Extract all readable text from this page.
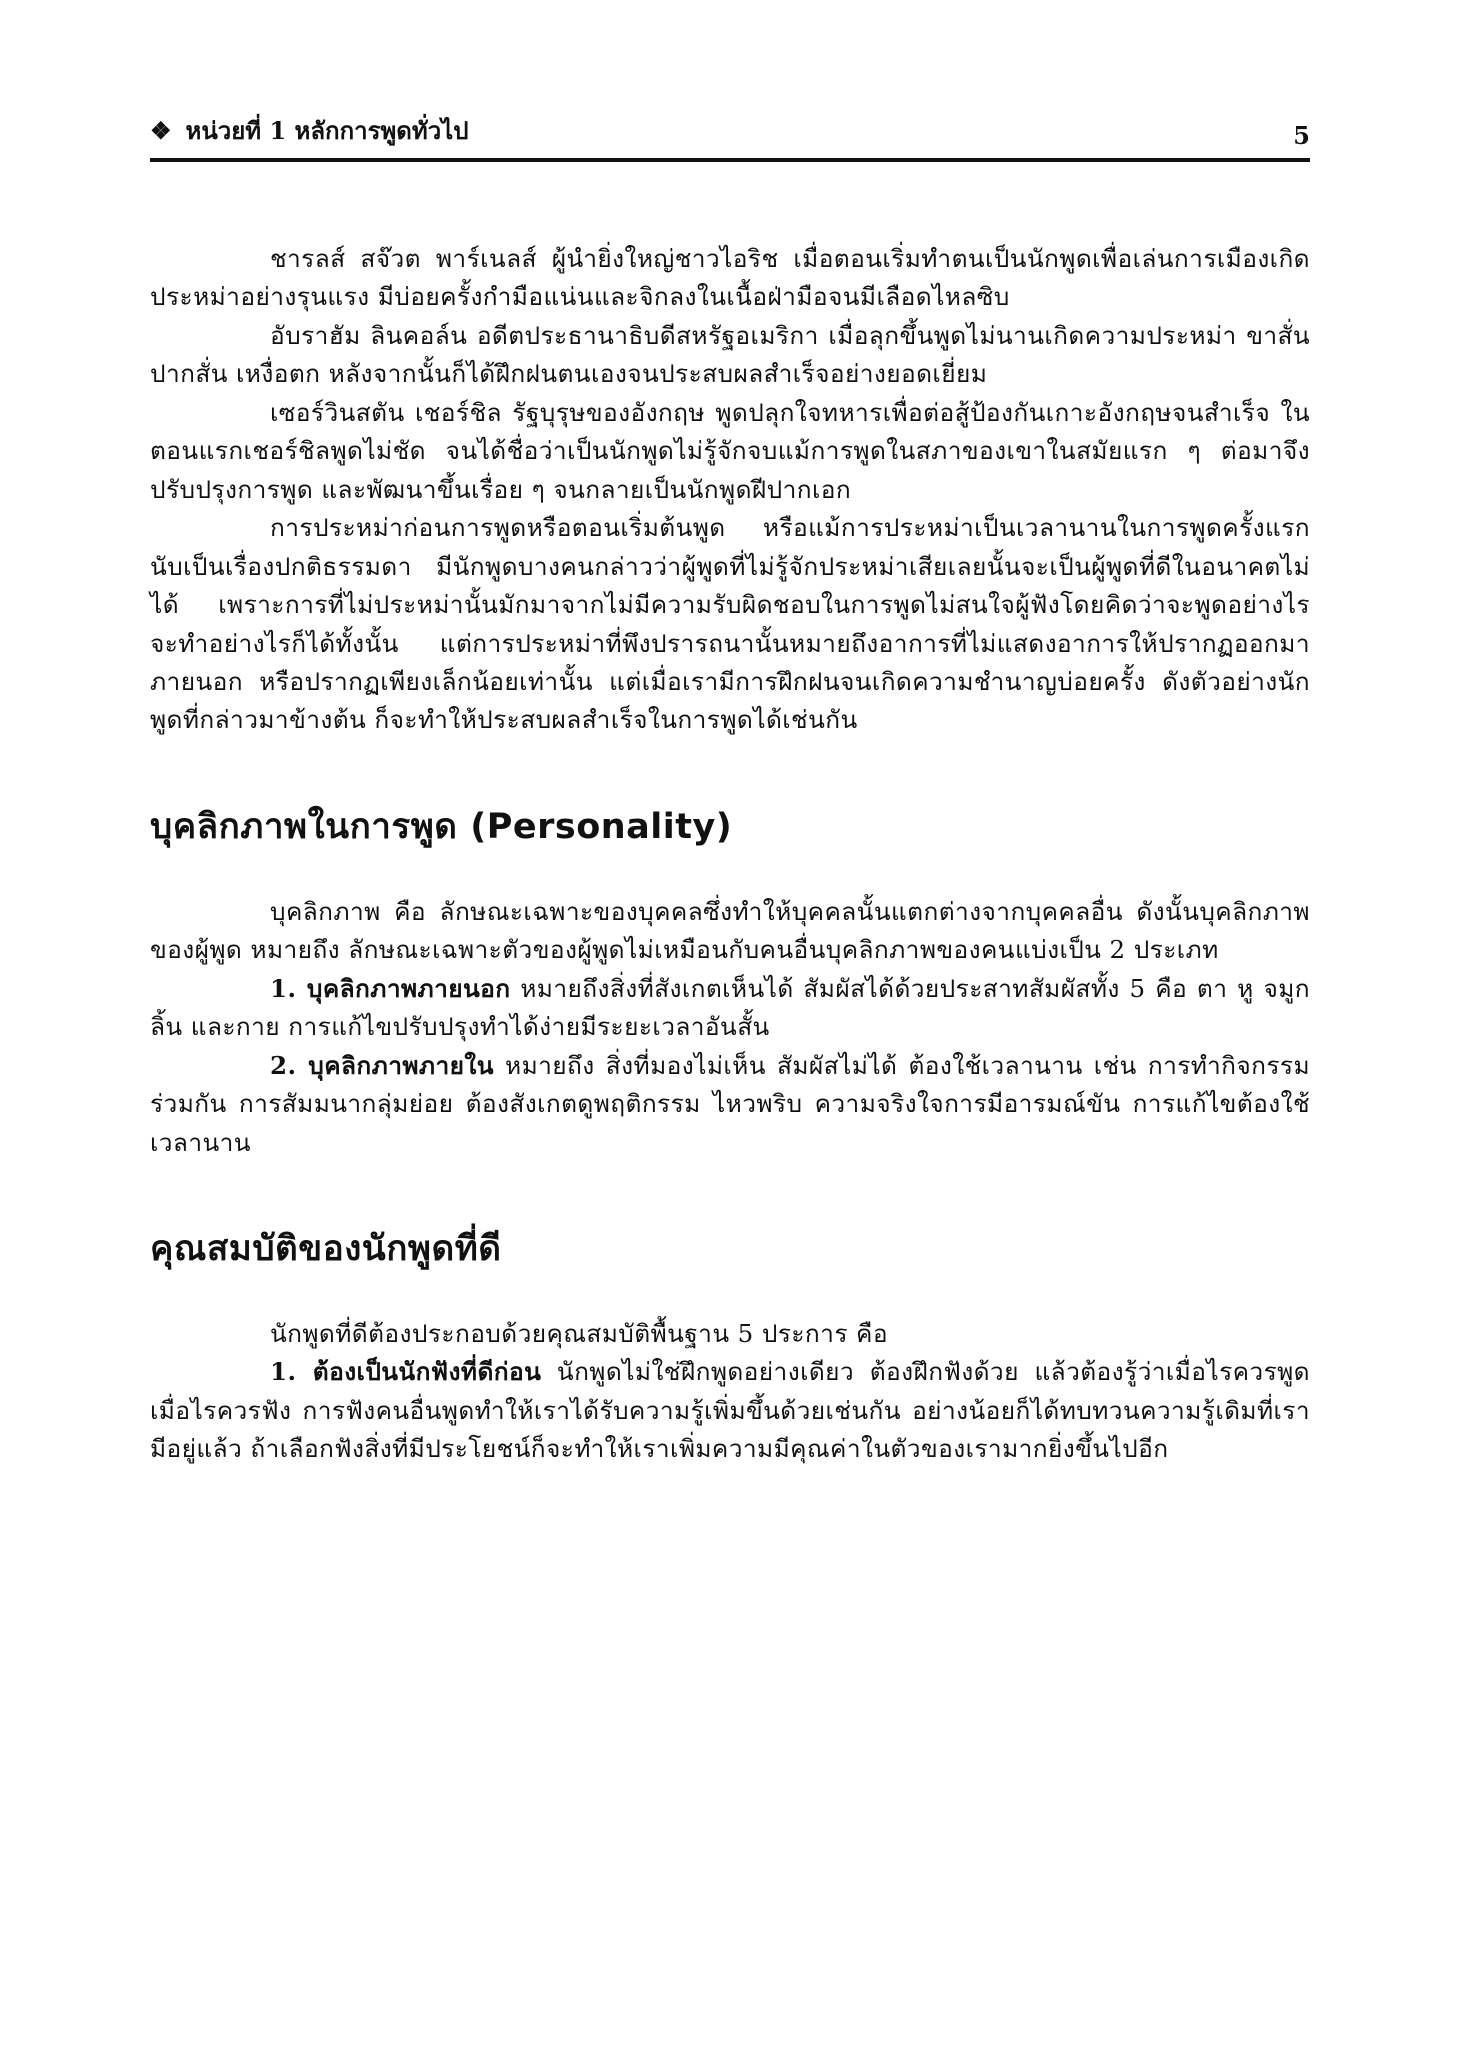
❖ หน่วยที่ 1 หลักการพูดทั่วไป	5

ชารลส์ สจ๊วต พาร์เนลส์ ผู้นำยิ่งใหญ่ชาวไอริช เมื่อตอนเริ่มทำตนเป็นนักพูดเพื่อเล่นการเมืองเกิดประหม่าอย่างรุนแรง มีบ่อยครั้งกำมือแน่นและจิกลงในเนื้อฝ่ามือจนมีเลือดไหลซิบ

อับราฮัม ลินคอล์น อดีตประธานาธิบดีสหรัฐอเมริกา เมื่อลุกขึ้นพูดไม่นานเกิดความประหม่า ขาสั่น ปากสั่น เหงื่อตก หลังจากนั้นก็ได้ฝึกฝนตนเองจนประสบผลสำเร็จอย่างยอดเยี่ยม

เซอร์วินสตัน เชอร์ชิล รัฐบุรุษของอังกฤษ พูดปลุกใจทหารเพื่อต่อสู้ป้องกันเกาะอังกฤษจนสำเร็จ ในตอนแรกเชอร์ชิลพูดไม่ชัด จนได้ชื่อว่าเป็นนักพูดไม่รู้จักจบแม้การพูดในสภาของเขาในสมัยแรก ๆ ต่อมาจึงปรับปรุงการพูด และพัฒนาขึ้นเรื่อย ๆ จนกลายเป็นนักพูดฝีปากเอก

การประหม่าก่อนการพูดหรือตอนเริ่มต้นพูด หรือแม้การประหม่าเป็นเวลานานในการพูดครั้งแรกนับเป็นเรื่องปกติธรรมดา มีนักพูดบางคนกล่าวว่าผู้พูดที่ไม่รู้จักประหม่าเสียเลยนั้นจะเป็นผู้พูดที่ดีในอนาคตไม่ได้ เพราะการที่ไม่ประหม่านั้นมักมาจากไม่มีความรับผิดชอบในการพูดไม่สนใจผู้ฟังโดยคิดว่าจะพูดอย่างไร จะทำอย่างไรก็ได้ทั้งนั้น แต่การประหม่าที่พึงปรารถนานั้นหมายถึงอาการที่ไม่แสดงอาการให้ปรากฏออกมาภายนอก หรือปรากฏเพียงเล็กน้อยเท่านั้น แต่เมื่อเรามีการฝึกฝนจนเกิดความชำนาญบ่อยครั้ง ดังตัวอย่างนักพูดที่กล่าวมาข้างต้น ก็จะทำให้ประสบผลสำเร็จในการพูดได้เช่นกัน

บุคลิกภาพในการพูด (Personality)

บุคลิกภาพ คือ ลักษณะเฉพาะของบุคคลซึ่งทำให้บุคคลนั้นแตกต่างจากบุคคลอื่น ดังนั้นบุคลิกภาพของผู้พูด หมายถึง ลักษณะเฉพาะตัวของผู้พูดไม่เหมือนกับคนอื่นบุคลิกภาพของคนแบ่งเป็น 2 ประเภท

1. บุคลิกภาพภายนอก หมายถึงสิ่งที่สังเกตเห็นได้ สัมผัสได้ด้วยประสาทสัมผัสทั้ง 5 คือ ตา หู จมูก ลิ้น และกาย การแก้ไขปรับปรุงทำได้ง่ายมีระยะเวลาอันสั้น

2. บุคลิกภาพภายใน หมายถึง สิ่งที่มองไม่เห็น สัมผัสไม่ได้ ต้องใช้เวลานาน เช่น การทำกิจกรรมร่วมกัน การสัมมนากลุ่มย่อย ต้องสังเกตดูพฤติกรรม ไหวพริบ ความจริงใจการมีอารมณ์ขัน การแก้ไขต้องใช้เวลานาน

คุณสมบัติของนักพูดที่ดี

นักพูดที่ดีต้องประกอบด้วยคุณสมบัติพื้นฐาน 5 ประการ คือ

1. ต้องเป็นนักฟังที่ดีก่อน นักพูดไม่ใช่ฝึกพูดอย่างเดียว ต้องฝึกฟังด้วย แล้วต้องรู้ว่าเมื่อไรควรพูดเมื่อไรควรฟัง การฟังคนอื่นพูดทำให้เราได้รับความรู้เพิ่มขึ้นด้วยเช่นกัน อย่างน้อยก็ได้ทบทวนความรู้เดิมที่เรามีอยู่แล้ว ถ้าเลือกฟังสิ่งที่มีประโยชน์ก็จะทำให้เราเพิ่มความมีคุณค่าในตัวของเรามากยิ่งขึ้นไปอีก
